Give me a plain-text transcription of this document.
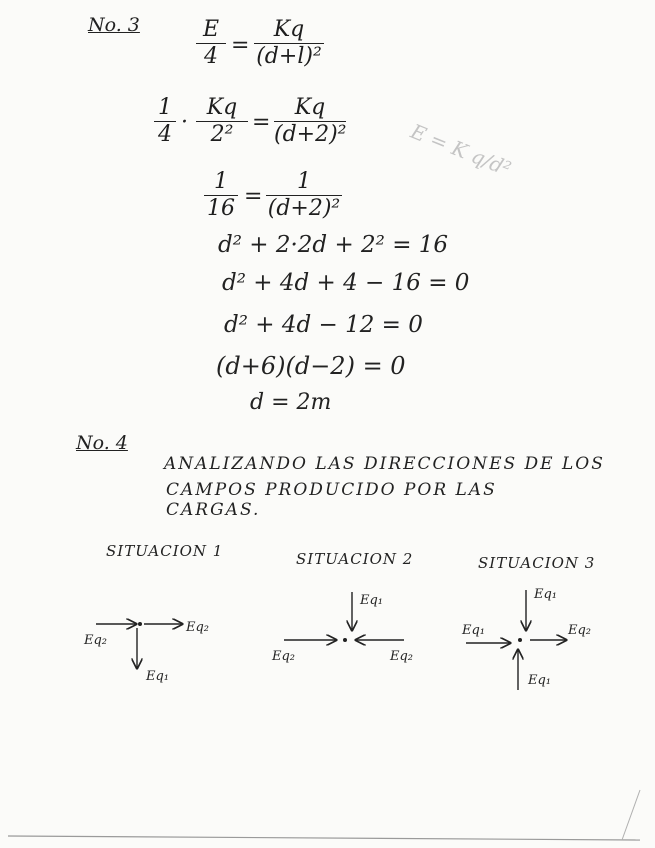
No. 3	E
4 =
Kq
(d+l)²
1
4 ·
Kq
2² =
Kq
(d+2)²	E = K q/d²
1
16 =
1
(d+2)²
d² + 2·2d + 2² = 16
d² + 4d + 4 − 16 = 0
d² + 4d − 12 = 0
(d+6)(d−2) = 0
d = 2m
No. 4
ANALIZANDO LAS DIRECCIONES DE LOS
CAMPOS PRODUCIDO POR LAS
CARGAS.
SITUACION 1	SITUACION 2	SITUACION 3
Eq₂
Eq₂
Eq₁
Eq₁
Eq₂	Eq₂
Eq₁
Eq₁	Eq₂
Eq₁
